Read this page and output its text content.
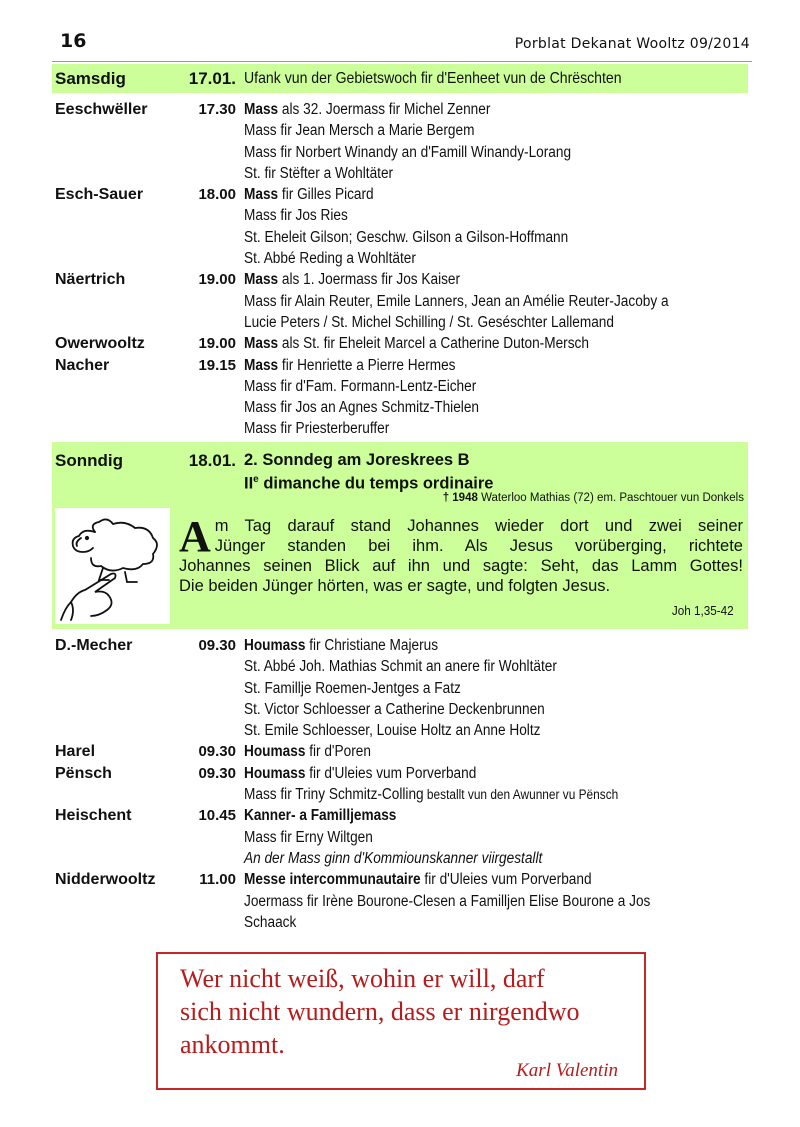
16	Porblat Dekanat Wooltz 09/2014
Samsdig	17.01. Ufank vun der Gebietswoch fir d'Eenheet vun de Chrëschten
Eeschwëller	17.30 Mass als 32. Joermass fir Michel Zenner
Mass fir Jean Mersch a Marie Bergem
Mass fir Norbert Winandy an d'Famill Winandy-Lorang
St. fir Stëfter a Wohltäter
Esch-Sauer	18.00 Mass fir Gilles Picard
Mass fir Jos Ries
St. Eheleit Gilson; Geschw. Gilson a Gilson-Hoffmann
St. Abbé Reding a Wohltäter
Näertrich	19.00 Mass als 1. Joermass fir Jos Kaiser
Mass fir Alain Reuter, Emile Lanners, Jean an Amélie Reuter-Jacoby a
Lucie Peters / St. Michel Schilling / St. Geséschter Lallemand
Owerwooltz	19.00 Mass als St. fir Eheleit Marcel a Catherine Duton-Mersch
Nacher	19.15 Mass fir Henriette a Pierre Hermes
Mass fir d'Fam. Formann-Lentz-Eicher
Mass fir Jos an Agnes Schmitz-Thielen
Mass fir Priesterberuffer
Sonndig	18.01. 2. Sonndeg am Joreskrees B
IIe dimanche du temps ordinaire
† 1948 Waterloo Mathias (72) em. Paschtouer vun Donkels
A m Tag darauf stand Johannes wieder dort und zwei seiner
Jünger standen bei ihm. Als Jesus vorüberging, richtete
Johannes seinen Blick auf ihn und sagte: Seht, das Lamm Gottes!
Die beiden Jünger hörten, was er sagte, und folgten Jesus.
Joh 1,35-42
D.-Mecher	09.30 Houmass fir Christiane Majerus
St. Abbé Joh. Mathias Schmit an anere fir Wohltäter
St. Famillje Roemen-Jentges a Fatz
St. Victor Schloesser a Catherine Deckenbrunnen
St. Emile Schloesser, Louise Holtz an Anne Holtz
Harel	09.30 Houmass fir d'Poren
Pënsch	09.30 Houmass fir d'Uleies vum Porverband
Mass fir Triny Schmitz-Colling bestallt vun den Awunner vu Pënsch
Heischent	10.45 Kanner- a Familljemass
Mass fir Erny Wiltgen
An der Mass ginn d'Kommiounskanner viirgestallt
Nidderwooltz	11.00 Messe intercommunautaire fir d'Uleies vum Porverband
Joermass fir Irène Bourone-Clesen a Familljen Elise Bourone a Jos
Schaack
Wer nicht weiß, wohin er will, darf
sich nicht wundern, dass er nirgendwo
ankommt.
Karl Valentin
